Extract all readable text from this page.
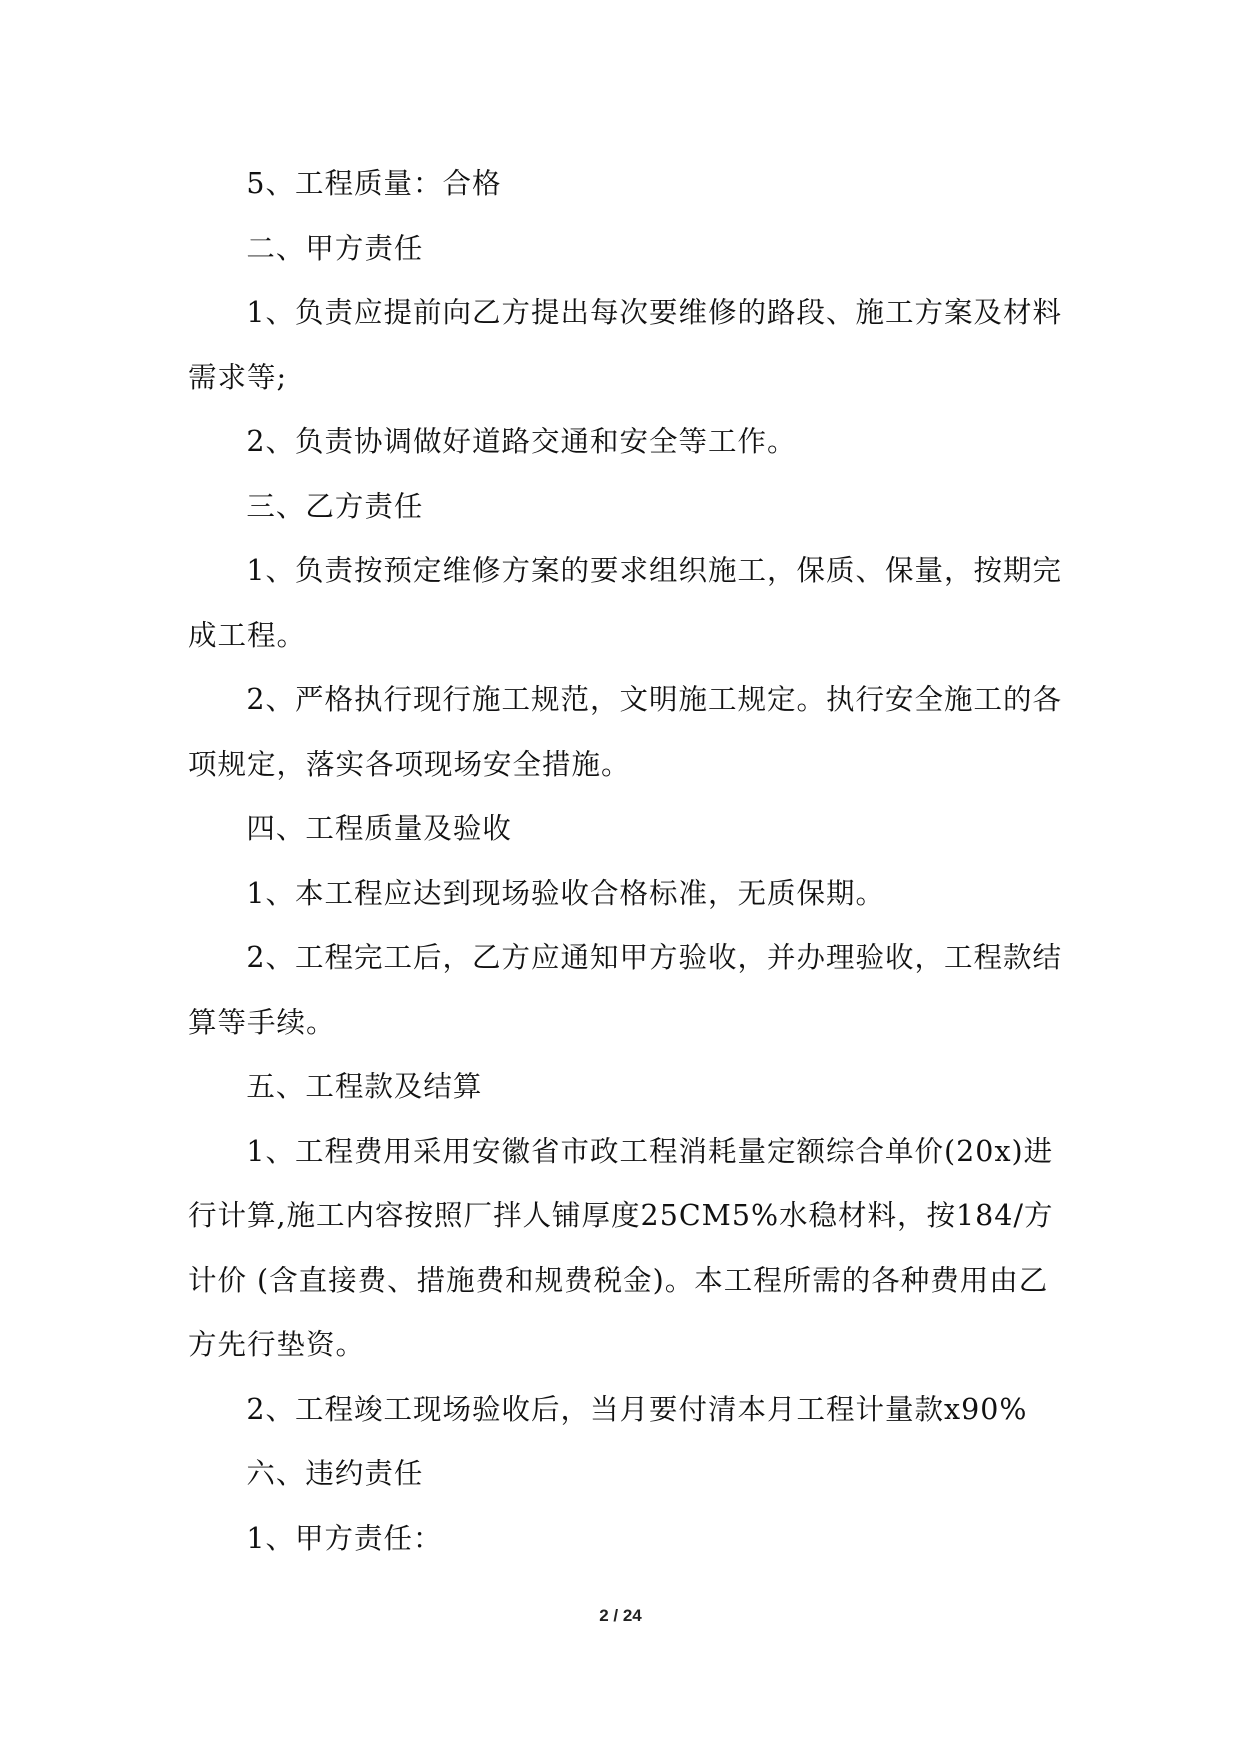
5、工程质量：合格

二、甲方责任

1、负责应提前向乙方提出每次要维修的路段、施工方案及材料需求等;

2、负责协调做好道路交通和安全等工作。

三、乙方责任

1、负责按预定维修方案的要求组织施工，保质、保量，按期完成工程。

2、严格执行现行施工规范，文明施工规定。执行安全施工的各项规定，落实各项现场安全措施。

四、工程质量及验收

1、本工程应达到现场验收合格标准，无质保期。

2、工程完工后，乙方应通知甲方验收，并办理验收，工程款结算等手续。

五、工程款及结算

1、工程费用采用安徽省市政工程消耗量定额综合单价(20x)进行计算,施工内容按照厂拌人铺厚度25CM5%水稳材料，按184/方计价 (含直接费、措施费和规费税金)。本工程所需的各种费用由乙方先行垫资。

2、工程竣工现场验收后，当月要付清本月工程计量款x90%

六、违约责任

1、甲方责任：

2 / 24
